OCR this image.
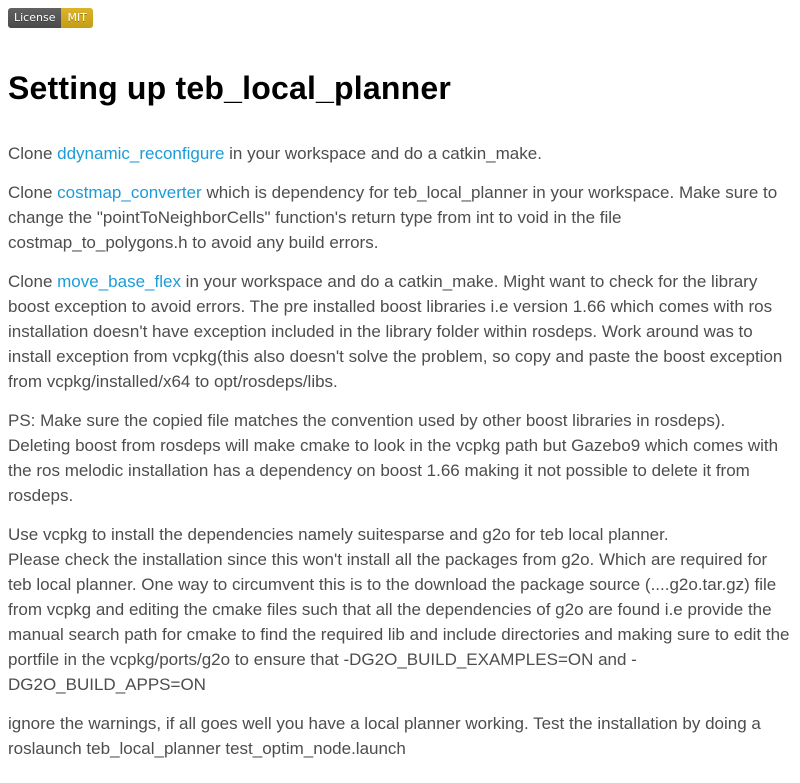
License	MIT

Setting up teb_local_planner

Clone ddynamic_reconfigure in your workspace and do a catkin_make.

Clone costmap_converter which is dependency for teb_local_planner in your workspace. Make sure to change the "pointToNeighborCells" function's return type from int to void in the file costmap_to_polygons.h to avoid any build errors.

Clone move_base_flex in your workspace and do a catkin_make. Might want to check for the library boost exception to avoid errors. The pre installed boost libraries i.e version 1.66 which comes with ros installation doesn't have exception included in the library folder within rosdeps. Work around was to install exception from vcpkg(this also doesn't solve the problem, so copy and paste the boost exception from vcpkg/installed/x64 to opt/rosdeps/libs.

PS: Make sure the copied file matches the convention used by other boost libraries in rosdeps). Deleting boost from rosdeps will make cmake to look in the vcpkg path but Gazebo9 which comes with the ros melodic installation has a dependency on boost 1.66 making it not possible to delete it from rosdeps.

Use vcpkg to install the dependencies namely suitesparse and g2o for teb local planner.
Please check the installation since this won't install all the packages from g2o. Which are required for teb local planner. One way to circumvent this is to the download the package source (....g2o.tar.gz) file from vcpkg and editing the cmake files such that all the dependencies of g2o are found i.e provide the manual search path for cmake to find the required lib and include directories and making sure to edit the portfile in the vcpkg/ports/g2o to ensure that -DG2O_BUILD_EXAMPLES=ON and -DG2O_BUILD_APPS=ON

ignore the warnings, if all goes well you have a local planner working. Test the installation by doing a roslaunch teb_local_planner test_optim_node.launch
